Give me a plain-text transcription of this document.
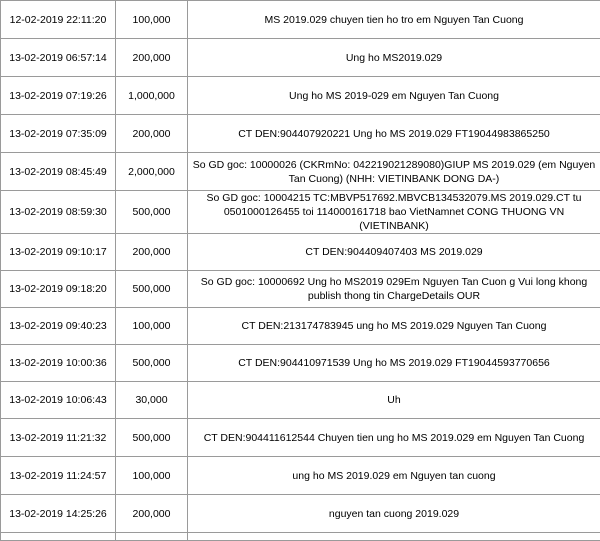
12-02-2019 22:11:20	100,000	MS 2019.029 chuyen tien ho tro em Nguyen Tan Cuong
13-02-2019 06:57:14	200,000	Ung ho MS2019.029
13-02-2019 07:19:26	1,000,000	Ung ho MS 2019-029 em Nguyen Tan Cuong
13-02-2019 07:35:09	200,000	CT DEN:904407920221 Ung ho MS 2019.029 FT19044983865250
13-02-2019 08:45:49	2,000,000	So GD goc: 10000026 (CKRmNo: 042219021289080)GIUP MS 2019.029 (em Nguyen Tan Cuong) (NHH: VIETINBANK DONG DA-)
13-02-2019 08:59:30	500,000	So GD goc: 10004215 TC:MBVP517692.MBVCB134532079.MS 2019.029.CT tu 0501000126455 toi 114000161718 bao VietNamnet CONG THUONG VN (VIETINBANK)
13-02-2019 09:10:17	200,000	CT DEN:904409407403 MS 2019.029
13-02-2019 09:18:20	500,000	So GD goc: 10000692 Ung ho MS2019 029Em Nguyen Tan Cuon g Vui long khong publish thong tin ChargeDetails OUR
13-02-2019 09:40:23	100,000	CT DEN:213174783945 ung ho MS 2019.029 Nguyen Tan Cuong
13-02-2019 10:00:36	500,000	CT DEN:904410971539 Ung ho MS 2019.029 FT19044593770656
13-02-2019 10:06:43	30,000	Uh
13-02-2019 11:21:32	500,000	CT DEN:904411612544 Chuyen tien ung ho MS 2019.029 em Nguyen Tan Cuong
13-02-2019 11:24:57	100,000	ung ho MS 2019.029 em Nguyen tan cuong
13-02-2019 14:25:26	200,000	nguyen tan cuong 2019.029
